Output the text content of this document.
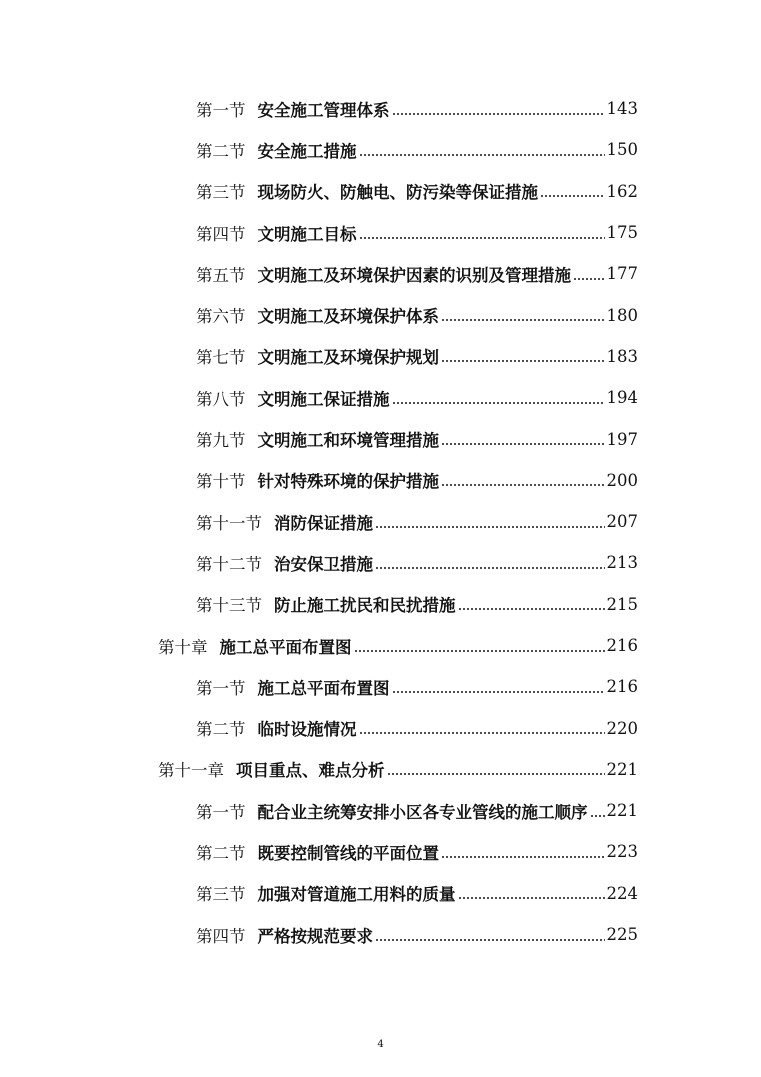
第一节 安全施工管理体系	143
第二节 安全施工措施	150
第三节 现场防火、防触电、防污染等保证措施	162
第四节 文明施工目标	175
第五节 文明施工及环境保护因素的识别及管理措施 177
第六节 文明施工及环境保护体系	180
第七节 文明施工及环境保护规划	183
第八节 文明施工保证措施	194
第九节 文明施工和环境管理措施	197
第十节 针对特殊环境的保护措施	200
第十一节 消防保证措施	207
第十二节 治安保卫措施	213
第十三节 防止施工扰民和民扰措施	215
第十章 施工总平面布置图	216
第一节 施工总平面布置图	216
第二节 临时设施情况	220
第十一章 项目重点、难点分析	221
第一节 配合业主统筹安排小区各专业管线的施工顺序 221
第二节 既要控制管线的平面位置	223
第三节 加强对管道施工用料的质量	224
第四节 严格按规范要求	225
4
